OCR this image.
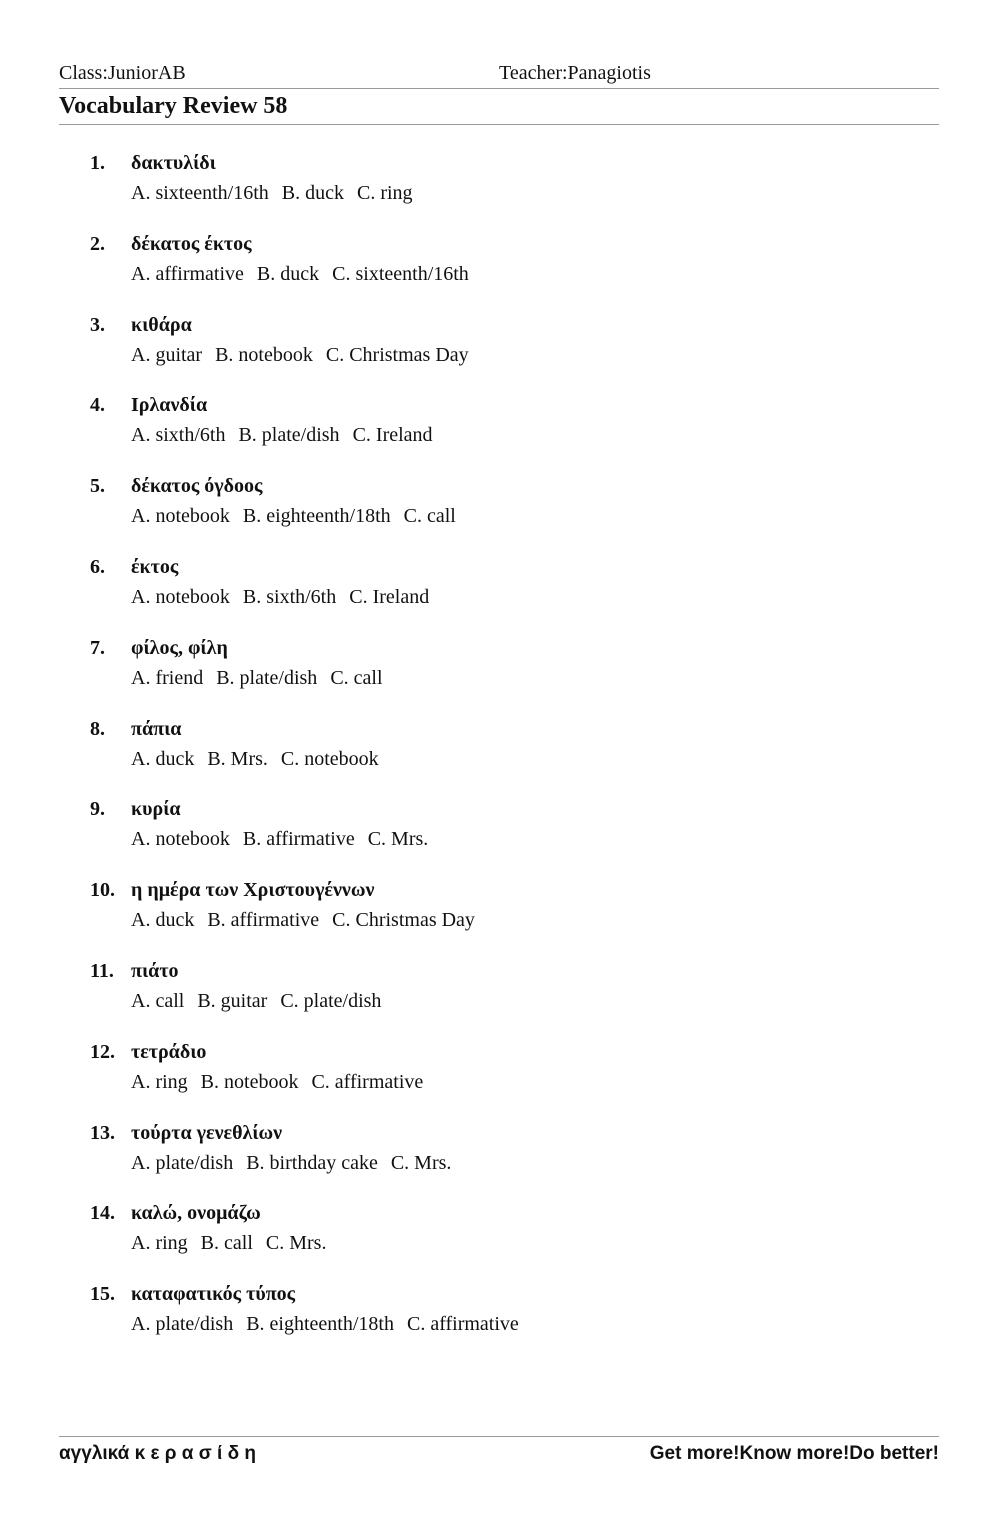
Class:JuniorAB	Teacher:Panagiotis
Vocabulary Review 58
1. δακτυλίδι
A. sixteenth/16th B. duck C. ring
2. δέκατος έκτος
A. affirmative B. duck C. sixteenth/16th
3. κιθάρα
A. guitar B. notebook C. Christmas Day
4. Ιρλανδία
A. sixth/6th B. plate/dish C. Ireland
5. δέκατος όγδοος
A. notebook B. eighteenth/18th C. call
6. έκτος
A. notebook B. sixth/6th C. Ireland
7. φίλος, φίλη
A. friend B. plate/dish C. call
8. πάπια
A. duck B. Mrs. C. notebook
9. κυρία
A. notebook B. affirmative C. Mrs.
10. η ημέρα των Χριστουγέννων
A. duck B. affirmative C. Christmas Day
11. πιάτο
A. call B. guitar C. plate/dish
12. τετράδιο
A. ring B. notebook C. affirmative
13. τούρτα γενεθλίων
A. plate/dish B. birthday cake C. Mrs.
14. καλώ, ονομάζω
A. ring B. call C. Mrs.
15. καταφατικός τύπος
A. plate/dish B. eighteenth/18th C. affirmative
αγγλικά κ ε ρ α σ ί δ η	Get more!Know more!Do better!
